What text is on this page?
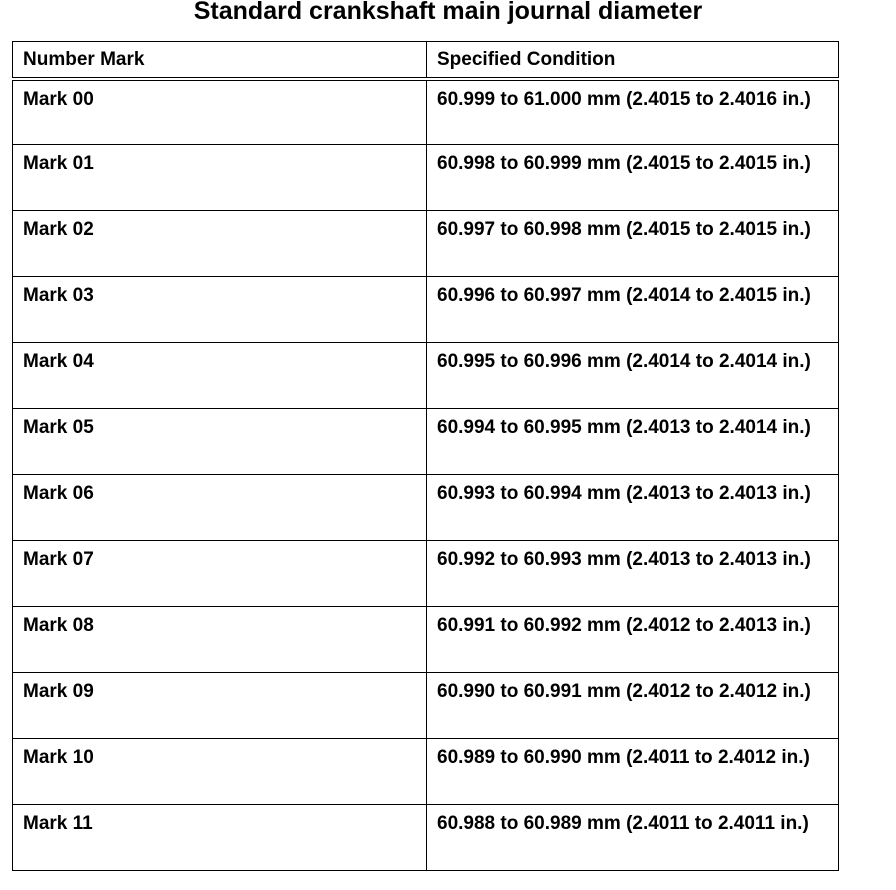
Standard crankshaft main journal diameter
Number Mark	Specified Condition
Mark 00	60.999 to 61.000 mm (2.4015 to 2.4016 in.)
Mark 01	60.998 to 60.999 mm (2.4015 to 2.4015 in.)
Mark 02	60.997 to 60.998 mm (2.4015 to 2.4015 in.)
Mark 03	60.996 to 60.997 mm (2.4014 to 2.4015 in.)
Mark 04	60.995 to 60.996 mm (2.4014 to 2.4014 in.)
Mark 05	60.994 to 60.995 mm (2.4013 to 2.4014 in.)
Mark 06	60.993 to 60.994 mm (2.4013 to 2.4013 in.)
Mark 07	60.992 to 60.993 mm (2.4013 to 2.4013 in.)
Mark 08	60.991 to 60.992 mm (2.4012 to 2.4013 in.)
Mark 09	60.990 to 60.991 mm (2.4012 to 2.4012 in.)
Mark 10	60.989 to 60.990 mm (2.4011 to 2.4012 in.)
Mark 11	60.988 to 60.989 mm (2.4011 to 2.4011 in.)
